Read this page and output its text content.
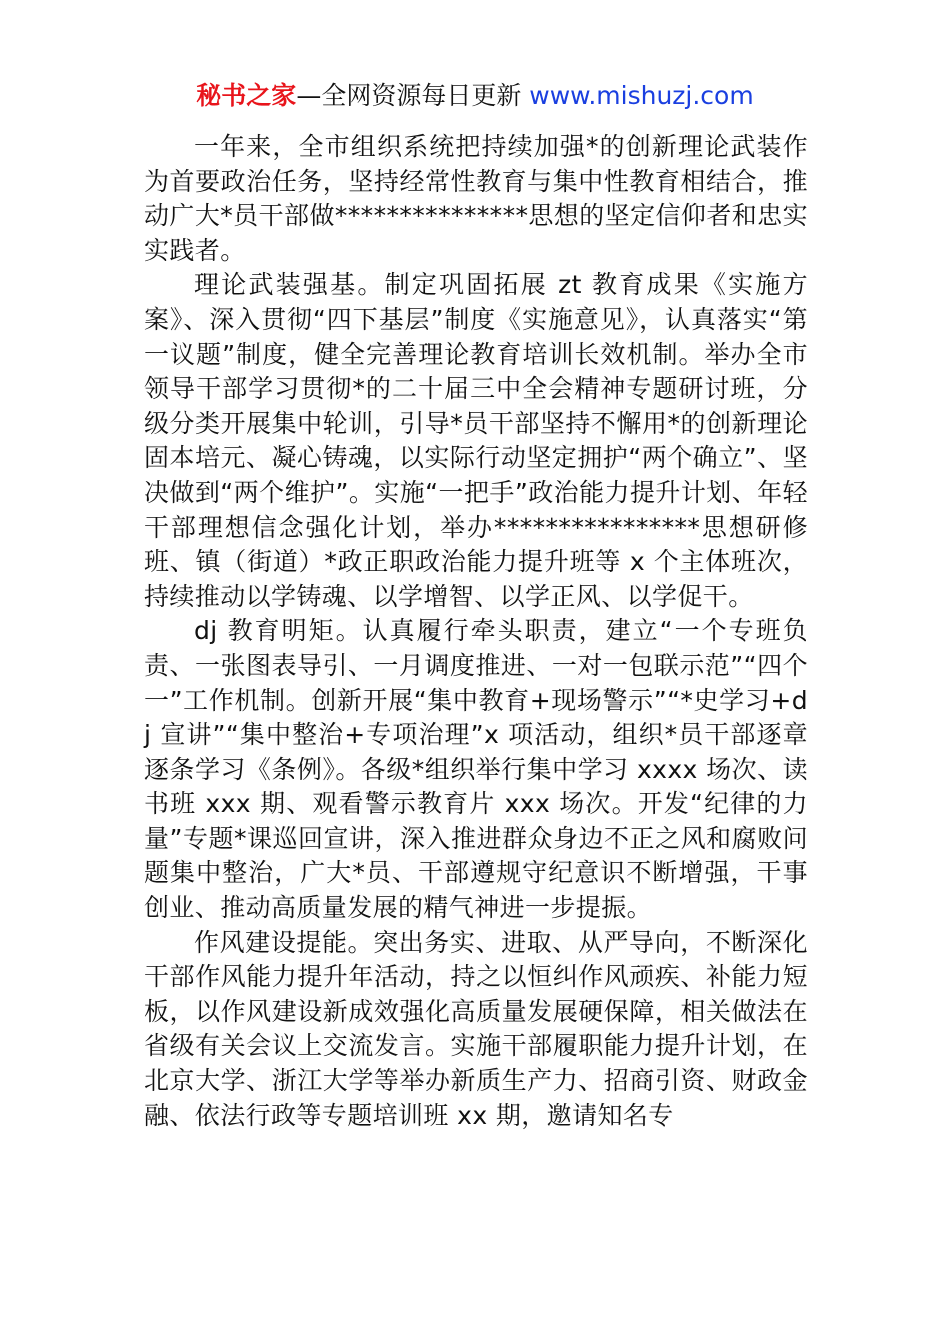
秘书之家—全网资源每日更新 www.mishuzj.com

一年来，全市组织系统把持续加强*的创新理论武装作为首要政治任务，坚持经常性教育与集中性教育相结合，推动广大*员干部做***************思想的坚定信仰者和忠实实践者。

理论武装强基。制定巩固拓展 zt 教育成果《实施方案》、深入贯彻“四下基层”制度《实施意见》，认真落实“第一议题”制度，健全完善理论教育培训长效机制。举办全市领导干部学习贯彻*的二十届三中全会精神专题研讨班，分级分类开展集中轮训，引导*员干部坚持不懈用*的创新理论固本培元、凝心铸魂，以实际行动坚定拥护“两个确立”、坚决做到“两个维护”。实施“一把手”政治能力提升计划、年轻干部理想信念强化计划，举办****************思想研修班、镇（街道）*政正职政治能力提升班等 x 个主体班次，持续推动以学铸魂、以学增智、以学正风、以学促干。

dj 教育明矩。认真履行牵头职责，建立“一个专班负责、一张图表导引、一月调度推进、一对一包联示范”“四个一”工作机制。创新开展“集中教育+现场警示”“*史学习+dj 宣讲”“集中整治+专项治理”x 项活动，组织*员干部逐章逐条学习《条例》。各级*组织举行集中学习 xxxx 场次、读书班 xxx 期、观看警示教育片 xxx 场次。开发“纪律的力量”专题*课巡回宣讲，深入推进群众身边不正之风和腐败问题集中整治，广大*员、干部遵规守纪意识不断增强，干事创业、推动高质量发展的精气神进一步提振。

作风建设提能。突出务实、进取、从严导向，不断深化干部作风能力提升年活动，持之以恒纠作风顽疾、补能力短板，以作风建设新成效强化高质量发展硬保障，相关做法在省级有关会议上交流发言。实施干部履职能力提升计划，在北京大学、浙江大学等举办新质生产力、招商引资、财政金融、依法行政等专题培训班 xx 期，邀请知名专
